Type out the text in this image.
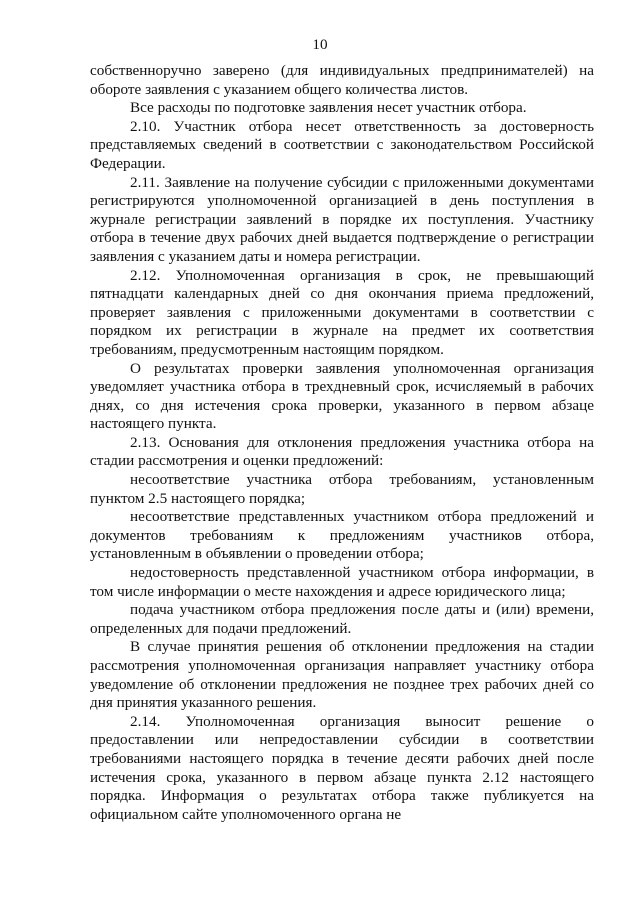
10

собственноручно заверено (для индивидуальных предпринимателей) на обороте заявления с указанием общего количества листов.

Все расходы по подготовке заявления несет участник отбора.

2.10. Участник отбора несет ответственность за достоверность представляемых сведений в соответствии с законодательством Российской Федерации.

2.11. Заявление на получение субсидии с приложенными документами регистрируются уполномоченной организацией в день поступления в журнале регистрации заявлений в порядке их поступления. Участнику отбора в течение двух рабочих дней выдается подтверждение о регистрации заявления с указанием даты и номера регистрации.

2.12. Уполномоченная организация в срок, не превышающий пятнадцати календарных дней со дня окончания приема предложений, проверяет заявления с приложенными документами в соответствии с порядком их регистрации в журнале на предмет их соответствия требованиям, предусмотренным настоящим порядком.

О результатах проверки заявления уполномоченная организация уведомляет участника отбора в трехдневный срок, исчисляемый в рабочих днях, со дня истечения срока проверки, указанного в первом абзаце настоящего пункта.

2.13. Основания для отклонения предложения участника отбора на стадии рассмотрения и оценки предложений:

несоответствие участника отбора требованиям, установленным пунктом 2.5 настоящего порядка;

несоответствие представленных участником отбора предложений и документов требованиям к предложениям участников отбора, установленным в объявлении о проведении отбора;

недостоверность представленной участником отбора информации, в том числе информации о месте нахождения и адресе юридического лица;

подача участником отбора предложения после даты и (или) времени, определенных для подачи предложений.

В случае принятия решения об отклонении предложения на стадии рассмотрения уполномоченная организация направляет участнику отбора уведомление об отклонении предложения не позднее трех рабочих дней со дня принятия указанного решения.

2.14. Уполномоченная организация выносит решение о предоставлении или непредоставлении субсидии в соответствии требованиями настоящего порядка в течение десяти рабочих дней после истечения срока, указанного в первом абзаце пункта 2.12 настоящего порядка. Информация о результатах отбора также публикуется на официальном сайте уполномоченного органа не
